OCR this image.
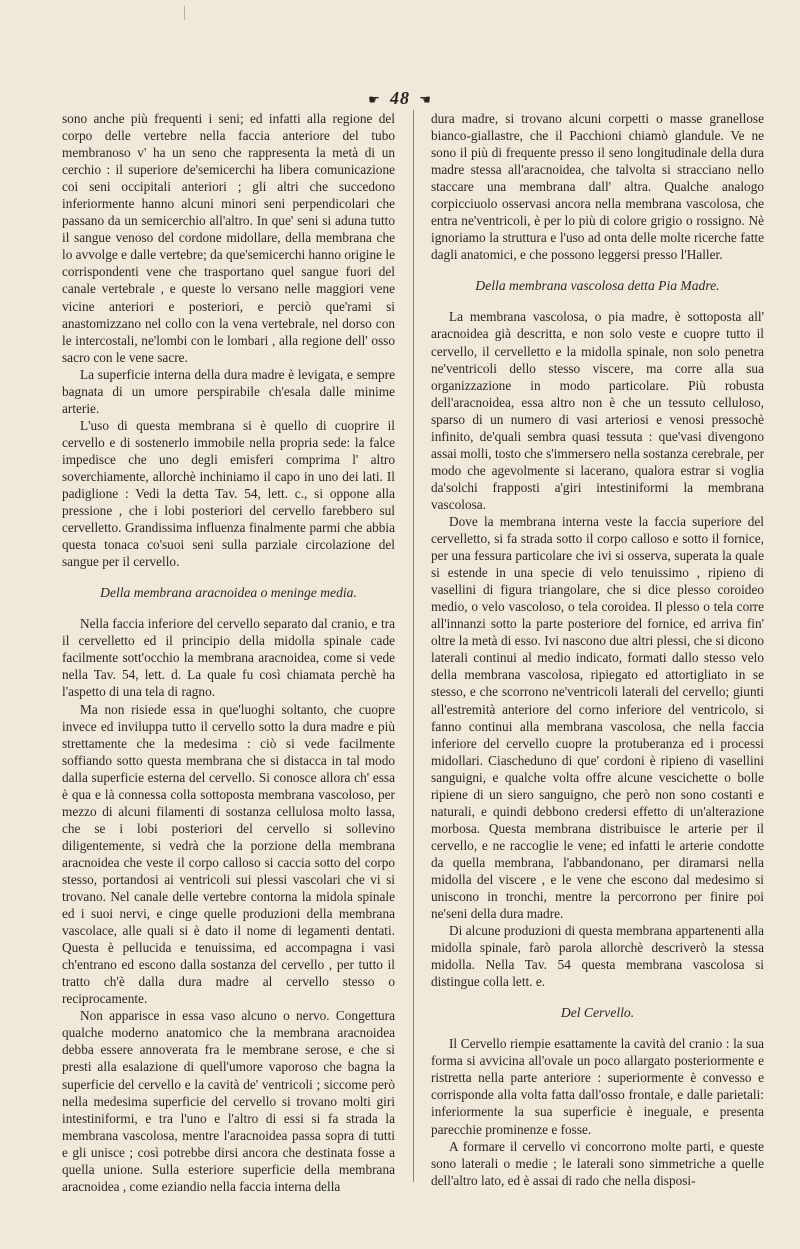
☛ 48 ☚

sono anche più frequenti i seni; ed infatti alla regione del corpo delle vertebre nella faccia anteriore del tubo membranoso v' ha un seno che rappresenta la metà di un cerchio : il superiore de'semicerchi ha libera comunicazione coi seni occipitali anteriori ; gli altri che succedono inferiormente hanno alcuni minori seni perpendicolari che passano da un semicerchio all'altro. In que' seni si aduna tutto il sangue venoso del cordone midollare, della membrana che lo avvolge e dalle vertebre; da que'semicerchi hanno origine le corrispondenti vene che trasportano quel sangue fuori del canale vertebrale , e queste lo versano nelle maggiori vene vicine anteriori e posteriori, e perciò que'rami si anastomizzano nel collo con la vena vertebrale, nel dorso con le intercostali, ne'lombi con le lombari , alla regione dell' osso sacro con le vene sacre.

La superficie interna della dura madre è levigata, e sempre bagnata di un umore perspirabile ch'esala dalle minime arterie.

L'uso di questa membrana si è quello di cuoprire il cervello e di sostenerlo immobile nella propria sede: la falce impedisce che uno degli emisferi comprima l' altro soverchiamente, allorchè inchiniamo il capo in uno dei lati. Il padiglione : Vedi la detta Tav. 54, lett. c., si oppone alla pressione , che i lobi posteriori del cervello farebbero sul cervelletto. Grandissima influenza finalmente parmi che abbia questa tonaca co'suoi seni sulla parziale circolazione del sangue per il cervello.

Della membrana aracnoidea o meninge media.

Nella faccia inferiore del cervello separato dal cranio, e tra il cervelletto ed il principio della midolla spinale cade facilmente sott'occhio la membrana aracnoidea, come si vede nella Tav. 54, lett. d. La quale fu così chiamata perchè ha l'aspetto di una tela di ragno.

Ma non risiede essa in que'luoghi soltanto, che cuopre invece ed inviluppa tutto il cervello sotto la dura madre e più strettamente che la medesima : ciò si vede facilmente soffiando sotto questa membrana che si distacca in tal modo dalla superficie esterna del cervello. Si conosce allora ch' essa è qua e là connessa colla sottoposta membrana vascoloso, per mezzo di alcuni filamenti di sostanza cellulosa molto lassa, che se i lobi posteriori del cervello si sollevino diligentemente, si vedrà che la porzione della membrana aracnoidea che veste il corpo calloso si caccia sotto del corpo stesso, portandosi ai ventricoli sui plessi vascolari che vi si trovano. Nel canale delle vertebre contorna la midola spinale ed i suoi nervi, e cinge quelle produzioni della membrana vascolace, alle quali si è dato il nome di legamenti dentati. Questa è pellucida e tenuissima, ed accompagna i vasi ch'entrano ed escono dalla sostanza del cervello , per tutto il tratto ch'è dalla dura madre al cervello stesso o reciprocamente.

Non apparisce in essa vaso alcuno o nervo. Congettura qualche moderno anatomico che la membrana aracnoidea debba essere annoverata fra le membrane serose, e che si presti alla esalazione di quell'umore vaporoso che bagna la superficie del cervello e la cavità de' ventricoli ; siccome però nella medesima superficie del cervello si trovano molti giri intestiniformi, e tra l'uno e l'altro di essi si fa strada la membrana vascolosa, mentre l'aracnoidea passa sopra di tutti e gli unisce ; così potrebbe dirsi ancora che destinata fosse a quella unione. Sulla esteriore superficie della membrana aracnoidea , come eziandio nella faccia interna della

dura madre, si trovano alcuni corpetti o masse granellose bianco-giallastre, che il Pacchioni chiamò glandule. Ve ne sono il più di frequente presso il seno longitudinale della dura madre stessa all'aracnoidea, che talvolta si stracciano nello staccare una membrana dall' altra. Qualche analogo corpicciuolo osservasi ancora nella membrana vascolosa, che entra ne'ventricoli, è per lo più di colore grigio o rossigno. Nè ignoriamo la struttura e l'uso ad onta delle molte ricerche fatte dagli anatomici, e che possono leggersi presso l'Haller.

Della membrana vascolosa detta Pia Madre.

La membrana vascolosa, o pia madre, è sottoposta all' aracnoidea già descritta, e non solo veste e cuopre tutto il cervello, il cervelletto e la midolla spinale, non solo penetra ne'ventricoli dello stesso viscere, ma corre alla sua organizzazione in modo particolare. Più robusta dell'aracnoidea, essa altro non è che un tessuto celluloso, sparso di un numero di vasi arteriosi e venosi pressochè infinito, de'quali sembra quasi tessuta : que'vasi divengono assai molli, tosto che s'immersero nella sostanza cerebrale, per modo che agevolmente si lacerano, qualora estrar si voglia da'solchi frapposti a'giri intestiniformi la membrana vascolosa.

Dove la membrana interna veste la faccia superiore del cervelletto, si fa strada sotto il corpo calloso e sotto il fornice, per una fessura particolare che ivi si osserva, superata la quale si estende in una specie di velo tenuissimo , ripieno di vasellini di figura triangolare, che si dice plesso coroideo medio, o velo vascoloso, o tela coroidea. Il plesso o tela corre all'innanzi sotto la parte posteriore del fornice, ed arriva fin' oltre la metà di esso. Ivi nascono due altri plessi, che si dicono laterali continui al medio indicato, formati dallo stesso velo della membrana vascolosa, ripiegato ed attortigliato in se stesso, e che scorrono ne'ventricoli laterali del cervello; giunti all'estremità anteriore del corno inferiore del ventricolo, si fanno continui alla membrana vascolosa, che nella faccia inferiore del cervello cuopre la protuberanza ed i processi midollari. Ciascheduno di que' cordoni è ripieno di vasellini sanguigni, e qualche volta offre alcune vescichette o bolle ripiene di un siero sanguigno, che però non sono costanti e naturali, e quindi debbono credersi effetto di un'alterazione morbosa. Questa membrana distribuisce le arterie per il cervello, e ne raccoglie le vene; ed infatti le arterie condotte da quella membrana, l'abbandonano, per diramarsi nella midolla del viscere , e le vene che escono dal medesimo si uniscono in tronchi, mentre la percorrono per finire poi ne'seni della dura madre.

Di alcune produzioni di questa membrana appartenenti alla midolla spinale, farò parola allorchè descriverò la stessa midolla. Nella Tav. 54 questa membrana vascolosa si distingue colla lett. e.

Del Cervello.

Il Cervello riempie esattamente la cavità del cranio : la sua forma si avvicina all'ovale un poco allargato posteriormente e ristretta nella parte anteriore : superiormente è convesso e corrisponde alla volta fatta dall'osso frontale, e dalle parietali: inferiormente la sua superficie è ineguale, e presenta parecchie prominenze e fosse.

A formare il cervello vi concorrono molte parti, e queste sono laterali o medie ; le laterali sono simmetriche a quelle dell'altro lato, ed è assai di rado che nella disposi-
